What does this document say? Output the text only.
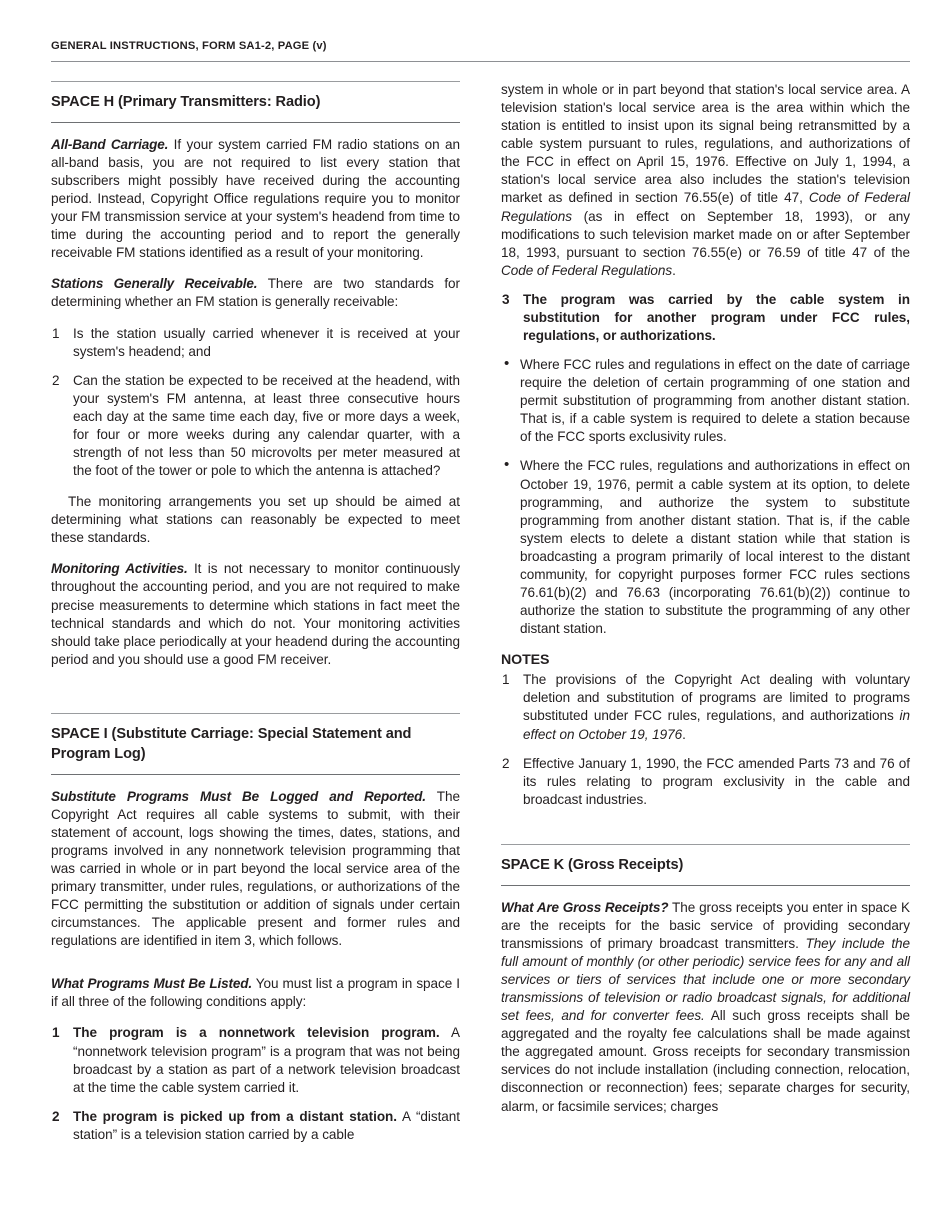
GENERAL INSTRUCTIONS, FORM SA1-2, PAGE (v)
SPACE H (Primary Transmitters: Radio)

All-Band Carriage. If your system carried FM radio stations on an all-band basis, you are not required to list every station that subscribers might possibly have received during the accounting period. Instead, Copyright Office regulations require you to monitor your FM transmission service at your system's headend from time to time during the accounting period and to report the generally receivable FM stations identified as a result of your monitoring.

Stations Generally Receivable. There are two standards for determining whether an FM station is generally receivable:

1 Is the station usually carried whenever it is received at your system's headend; and
2 Can the station be expected to be received at the headend, with your system's FM antenna, at least three consecutive hours each day at the same time each day, five or more days a week, for four or more weeks during any calendar quarter, with a strength of not less than 50 microvolts per meter measured at the foot of the tower or pole to which the antenna is attached?

The monitoring arrangements you set up should be aimed at determining what stations can reasonably be expected to meet these standards.

Monitoring Activities. It is not necessary to monitor continuously throughout the accounting period, and you are not required to make precise measurements to determine which stations in fact meet the technical standards and which do not. Your monitoring activities should take place periodically at your headend during the accounting period and you should use a good FM receiver.

SPACE I (Substitute Carriage: Special Statement and Program Log)

Substitute Programs Must Be Logged and Reported. The Copyright Act requires all cable systems to submit, with their statement of account, logs showing the times, dates, stations, and programs involved in any nonnetwork television programming that was carried in whole or in part beyond the local service area of the primary transmitter, under rules, regulations, or authorizations of the FCC permitting the substitution or addition of signals under certain circumstances. The applicable present and former rules and regulations are identified in item 3, which follows.

What Programs Must Be Listed. You must list a program in space I if all three of the following conditions apply:

1 The program is a nonnetwork television program. A “nonnetwork television program” is a program that was not being broadcast by a station as part of a network television broadcast at the time the cable system carried it.
2 The program is picked up from a distant station. A “distant station” is a television station carried by a cable

system in whole or in part beyond that station's local service area. A television station's local service area is the area within which the station is entitled to insist upon its signal being retransmitted by a cable system pursuant to rules, regulations, and authorizations of the FCC in effect on April 15, 1976. Effective on July 1, 1994, a station's local service area also includes the station's television market as defined in section 76.55(e) of title 47, Code of Federal Regulations (as in effect on September 18, 1993), or any modifications to such television market made on or after September 18, 1993, pursuant to section 76.55(e) or 76.59 of title 47 of the Code of Federal Regulations.

3 The program was carried by the cable system in substitution for another program under FCC rules, regulations, or authorizations.
• Where FCC rules and regulations in effect on the date of carriage require the deletion of certain programming of one station and permit substitution of programming from another distant station. That is, if a cable system is required to delete a station because of the FCC sports exclusivity rules.
• Where the FCC rules, regulations and authorizations in effect on October 19, 1976, permit a cable system at its option, to delete programming, and authorize the system to substitute programming from another distant station. That is, if the cable system elects to delete a distant station while that station is broadcasting a program primarily of local interest to the distant community, for copyright purposes former FCC rules sections 76.61(b)(2) and 76.63 (incorporating 76.61(b)(2)) continue to authorize the station to substitute the programming of any other distant station.
NOTES
1 The provisions of the Copyright Act dealing with voluntary deletion and substitution of programs are limited to programs substituted under FCC rules, regulations, and authorizations in effect on October 19, 1976.
2 Effective January 1, 1990, the FCC amended Parts 73 and 76 of its rules relating to program exclusivity in the cable and broadcast industries.
SPACE K (Gross Receipts)

What Are Gross Receipts? The gross receipts you enter in space K are the receipts for the basic service of providing secondary transmissions of primary broadcast transmitters. They include the full amount of monthly (or other periodic) service fees for any and all services or tiers of services that include one or more secondary transmissions of television or radio broadcast signals, for additional set fees, and for converter fees. All such gross receipts shall be aggregated and the royalty fee calculations shall be made against the aggregated amount. Gross receipts for secondary transmission services do not include installation (including connection, relocation, disconnection or reconnection) fees; separate charges for security, alarm, or facsimile services; charges
